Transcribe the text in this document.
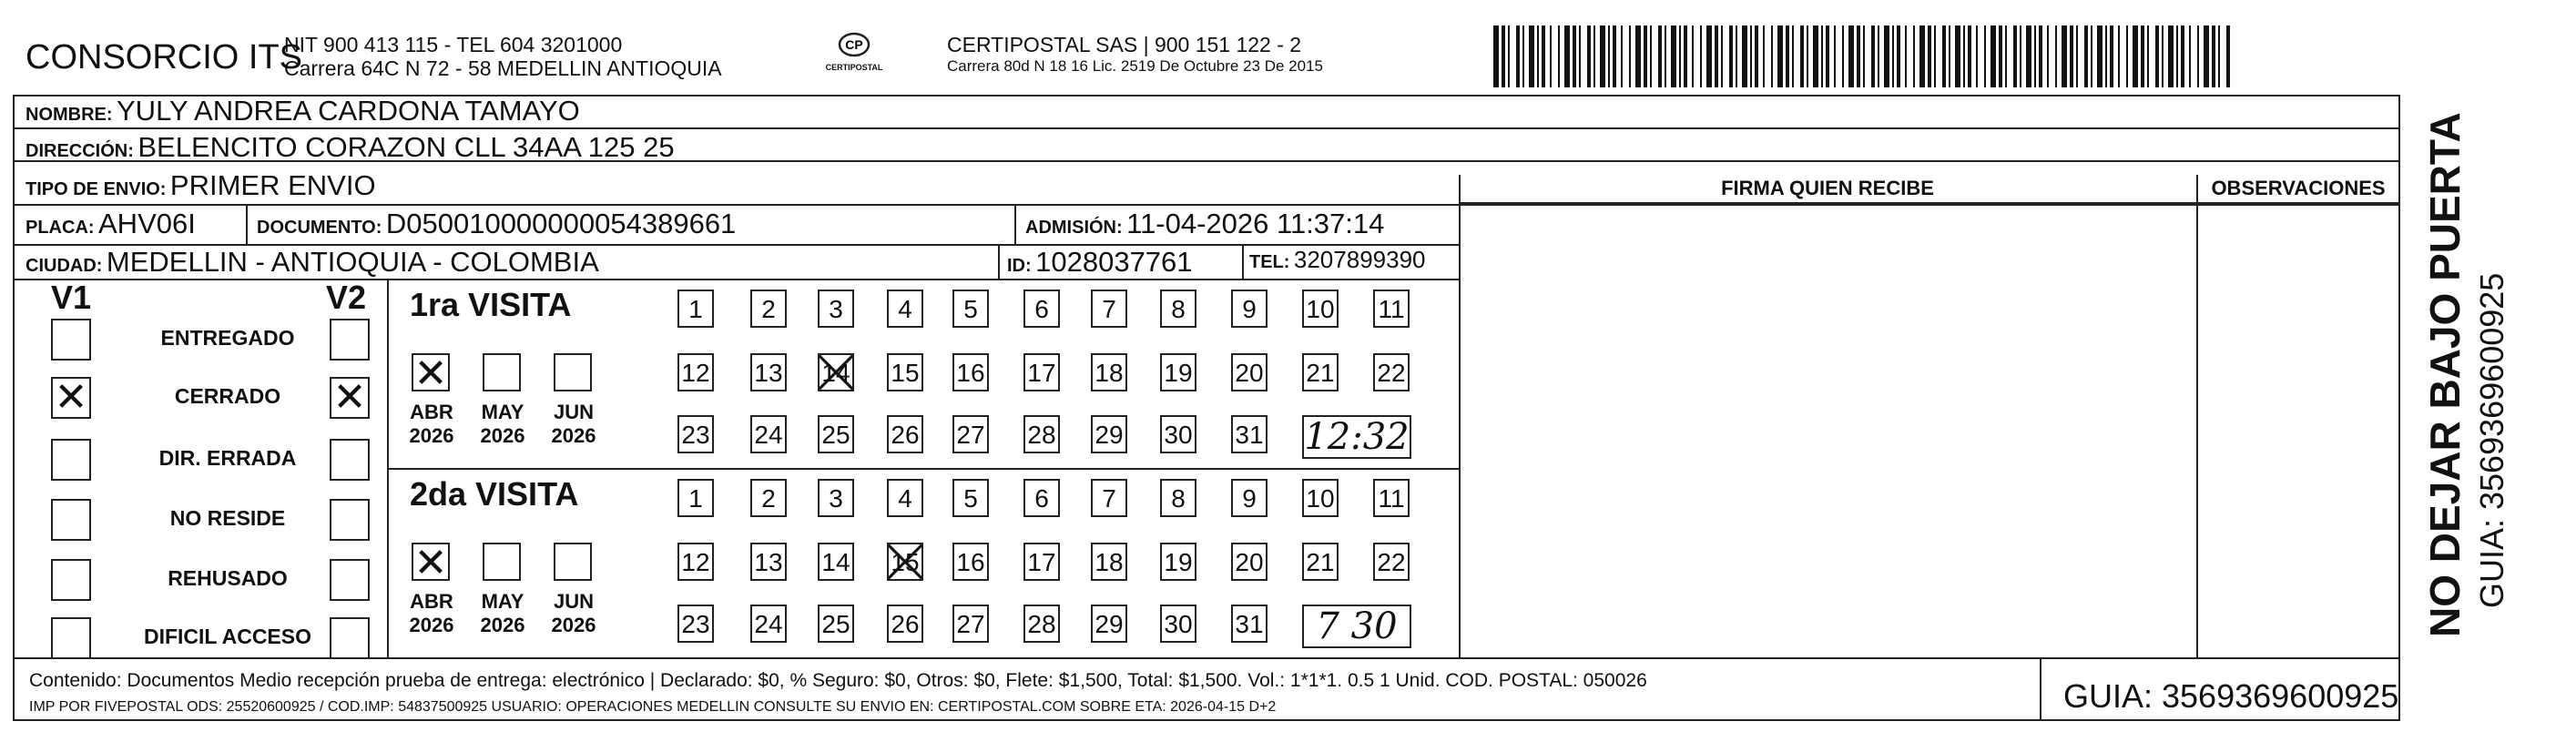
CONSORCIO ITS
NIT 900 413 115 - TEL 604 3201000
Carrera 64C N 72 - 58 MEDELLIN ANTIOQUIA
CP
CERTIPOSTAL
CERTIPOSTAL SAS | 900 151 122 - 2
Carrera 80d N 18 16 Lic. 2519 De Octubre 23 De 2015
NOMBRE: YULY ANDREA CARDONA TAMAYO
DIRECCIÓN: BELENCITO CORAZON CLL 34AA 125 25
TIPO DE ENVIO: PRIMER ENVIO	FIRMA QUIEN RECIBE	OBSERVACIONES
PLACA: AHV06I	DOCUMENTO: D050010000000054389661	ADMISIÓN: 11-04-2026 11:37:14
CIUDAD: MEDELLIN - ANTIOQUIA - COLOMBIA	ID: 1028037761	TEL: 3207899390
V1	V2
ENTREGADO
✕	CERRADO	✕
DIR. ERRADA
NO RESIDE
REHUSADO
DIFICIL ACCESO
1ra VISITA
✕
ABR
2026
MAY
2026
JUN
2026
1	2	3	4	5	6	7	8	9	10 11
12 13 14 15 16 17 18 19 20 21 22
23 24 25 26 27 28 29 30 31 12:32
2da VISITA
✕
ABR
2026
MAY
2026
JUN
2026
1	2	3	4	5	6	7	8	9	10 11
12 13 14 15 16 17 18 19 20 21 22
23 24 25 26 27 28 29 30 31	7 30
Contenido: Documentos Medio recepción prueba de entrega: electrónico | Declarado: $0, % Seguro: $0, Otros: $0, Flete: $1,500, Total: $1,500. Vol.: 1*1*1. 0.5 1 Unid. COD. POSTAL: 050026
IMP POR FIVEPOSTAL ODS: 25520600925 / COD.IMP: 54837500925 USUARIO: OPERACIONES MEDELLIN CONSULTE SU ENVIO EN: CERTIPOSTAL.COM SOBRE ETA: 2026-04-15 D+2	GUIA: 3569369600925
NO DEJAR BAJO PUERTA GUIA: 3569369600925
